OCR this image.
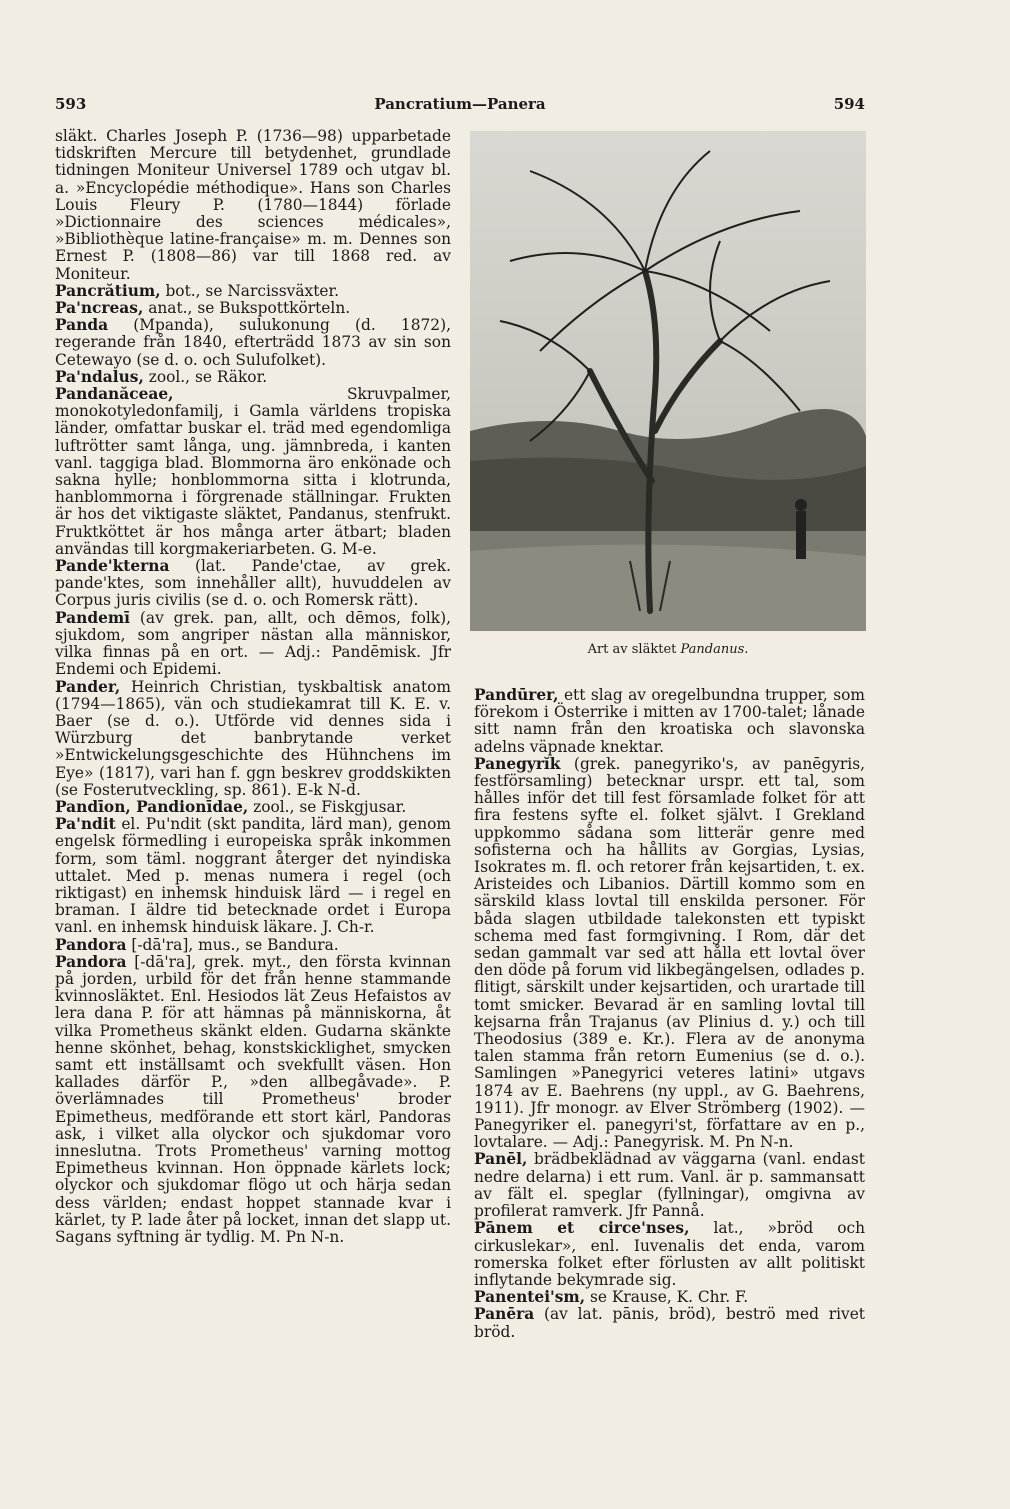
593	Pancratium—Panera	594

släkt. Charles Joseph P. (1736—98) upparbetade tidskriften Mercure till betydenhet, grundlade tidningen Moniteur Universel 1789 och utgav bl. a. »Encyclopédie méthodique». Hans son Charles Louis Fleury P. (1780—1844) förlade »Dictionnaire des sciences médicales», »Bibliothèque latine-française» m. m. Dennes son Ernest P. (1808—86) var till 1868 red. av Moniteur.

Pancrătium, bot., se Narcissväxter.

Pa'ncreas, anat., se Bukspottkörteln.

Panda (Mpanda), sulukonung (d. 1872), regerande från 1840, efterträdd 1873 av sin son Cetewayo (se d. o. och Sulufolket).

Pa'ndalus, zool., se Räkor.

Pandanăceae, Skruvpalmer, monokotyledonfamilj, i Gamla världens tropiska länder, omfattar buskar el. träd med egendomliga luftrötter samt långa, ung. jämnbreda, i kanten vanl. taggiga blad. Blommorna äro enkönade och sakna hylle; honblommorna sitta i klotrunda, hanblommorna i förgrenade ställningar. Frukten är hos det viktigaste släktet, Pandanus, stenfrukt. Fruktköttet är hos många arter ätbart; bladen användas till korgmakeriarbeten. G. M-e.

Pande'kterna (lat. Pande'ctae, av grek. pande'ktes, som innehåller allt), huvuddelen av Corpus juris civilis (se d. o. och Romersk rätt).

Pandemī (av grek. pan, allt, och dēmos, folk), sjukdom, som angriper nästan alla människor, vilka finnas på en ort. — Adj.: Pandēmisk. Jfr Endemi och Epidemi.

Pander, Heinrich Christian, tyskbaltisk anatom (1794—1865), vän och studiekamrat till K. E. v. Baer (se d. o.). Utförde vid dennes sida i Würzburg det banbrytande verket »Entwickelungsgeschichte des Hühnchens im Eye» (1817), vari han f. ggn beskrev groddskikten (se Fosterutveckling, sp. 861). E-k N-d.

Pandīon, Pandionīdae, zool., se Fiskgjusar.

Pa'ndit el. Pu'ndit (skt pandita, lärd man), genom engelsk förmedling i europeiska språk inkommen form, som täml. noggrant återger det nyindiska uttalet. Med p. menas numera i regel (och riktigast) en inhemsk hinduisk lärd — i regel en braman. I äldre tid betecknade ordet i Europa vanl. en inhemsk hinduisk läkare. J. Ch-r.

Pandora [-dā'ra], mus., se Bandura.

Pandora [-dā'ra], grek. myt., den första kvinnan på jorden, urbild för det från henne stammande kvinnosläktet. Enl. Hesiodos lät Zeus Hefaistos av lera dana P. för att hämnas på människorna, åt vilka Prometheus skänkt elden. Gudarna skänkte henne skönhet, behag, konstskicklighet, smycken samt ett inställsamt och svekfullt väsen. Hon kallades därför P., »den allbegåvade». P. överlämnades till Prometheus' broder Epimetheus, medförande ett stort kärl, Pandoras ask, i vilket alla olyckor och sjukdomar voro inneslutna. Trots Prometheus' varning mottog Epimetheus kvinnan. Hon öppnade kärlets lock; olyckor och sjukdomar flögo ut och härja sedan dess världen; endast hoppet stannade kvar i kärlet, ty P. lade åter på locket, innan det slapp ut. Sagans syftning är tydlig. M. Pn N-n.

Art av släktet Pandanus.

Pandūrer, ett slag av oregelbundna trupper, som förekom i Österrike i mitten av 1700-talet; lånade sitt namn från den kroatiska och slavonska adelns väpnade knektar.

Panegyrĭk (grek. panegyriko's, av panēgyris, festförsamling) betecknar urspr. ett tal, som hålles inför det till fest församlade folket för att fira festens syfte el. folket självt. I Grekland uppkommo sådana som litterär genre med sofisterna och ha hållits av Gorgias, Lysias, Isokrates m. fl. och retorer från kejsartiden, t. ex. Aristeides och Libanios. Därtill kommo som en särskild klass lovtal till enskilda personer. För båda slagen utbildade talekonsten ett typiskt schema med fast formgivning. I Rom, där det sedan gammalt var sed att hålla ett lovtal över den döde på forum vid likbegängelsen, odlades p. flitigt, särskilt under kejsartiden, och urartade till tomt smicker. Bevarad är en samling lovtal till kejsarna från Trajanus (av Plinius d. y.) och till Theodosius (389 e. Kr.). Flera av de anonyma talen stamma från retorn Eumenius (se d. o.). Samlingen »Panegyrici veteres latini» utgavs 1874 av E. Baehrens (ny uppl., av G. Baehrens, 1911). Jfr monogr. av Elver Strömberg (1902). — Panegyriker el. panegyri'st, författare av en p., lovtalare. — Adj.: Panegyrisk. M. Pn N-n.

Panēl, brädbeklädnad av väggarna (vanl. endast nedre delarna) i ett rum. Vanl. är p. sammansatt av fält el. speglar (fyllningar), omgivna av profilerat ramverk. Jfr Pannå.

Pānem et circe'nses, lat., »bröd och cirkuslekar», enl. Iuvenalis det enda, varom romerska folket efter förlusten av allt politiskt inflytande bekymrade sig.

Panentei'sm, se Krause, K. Chr. F.

Panēra (av lat. pānis, bröd), beströ med rivet bröd.
